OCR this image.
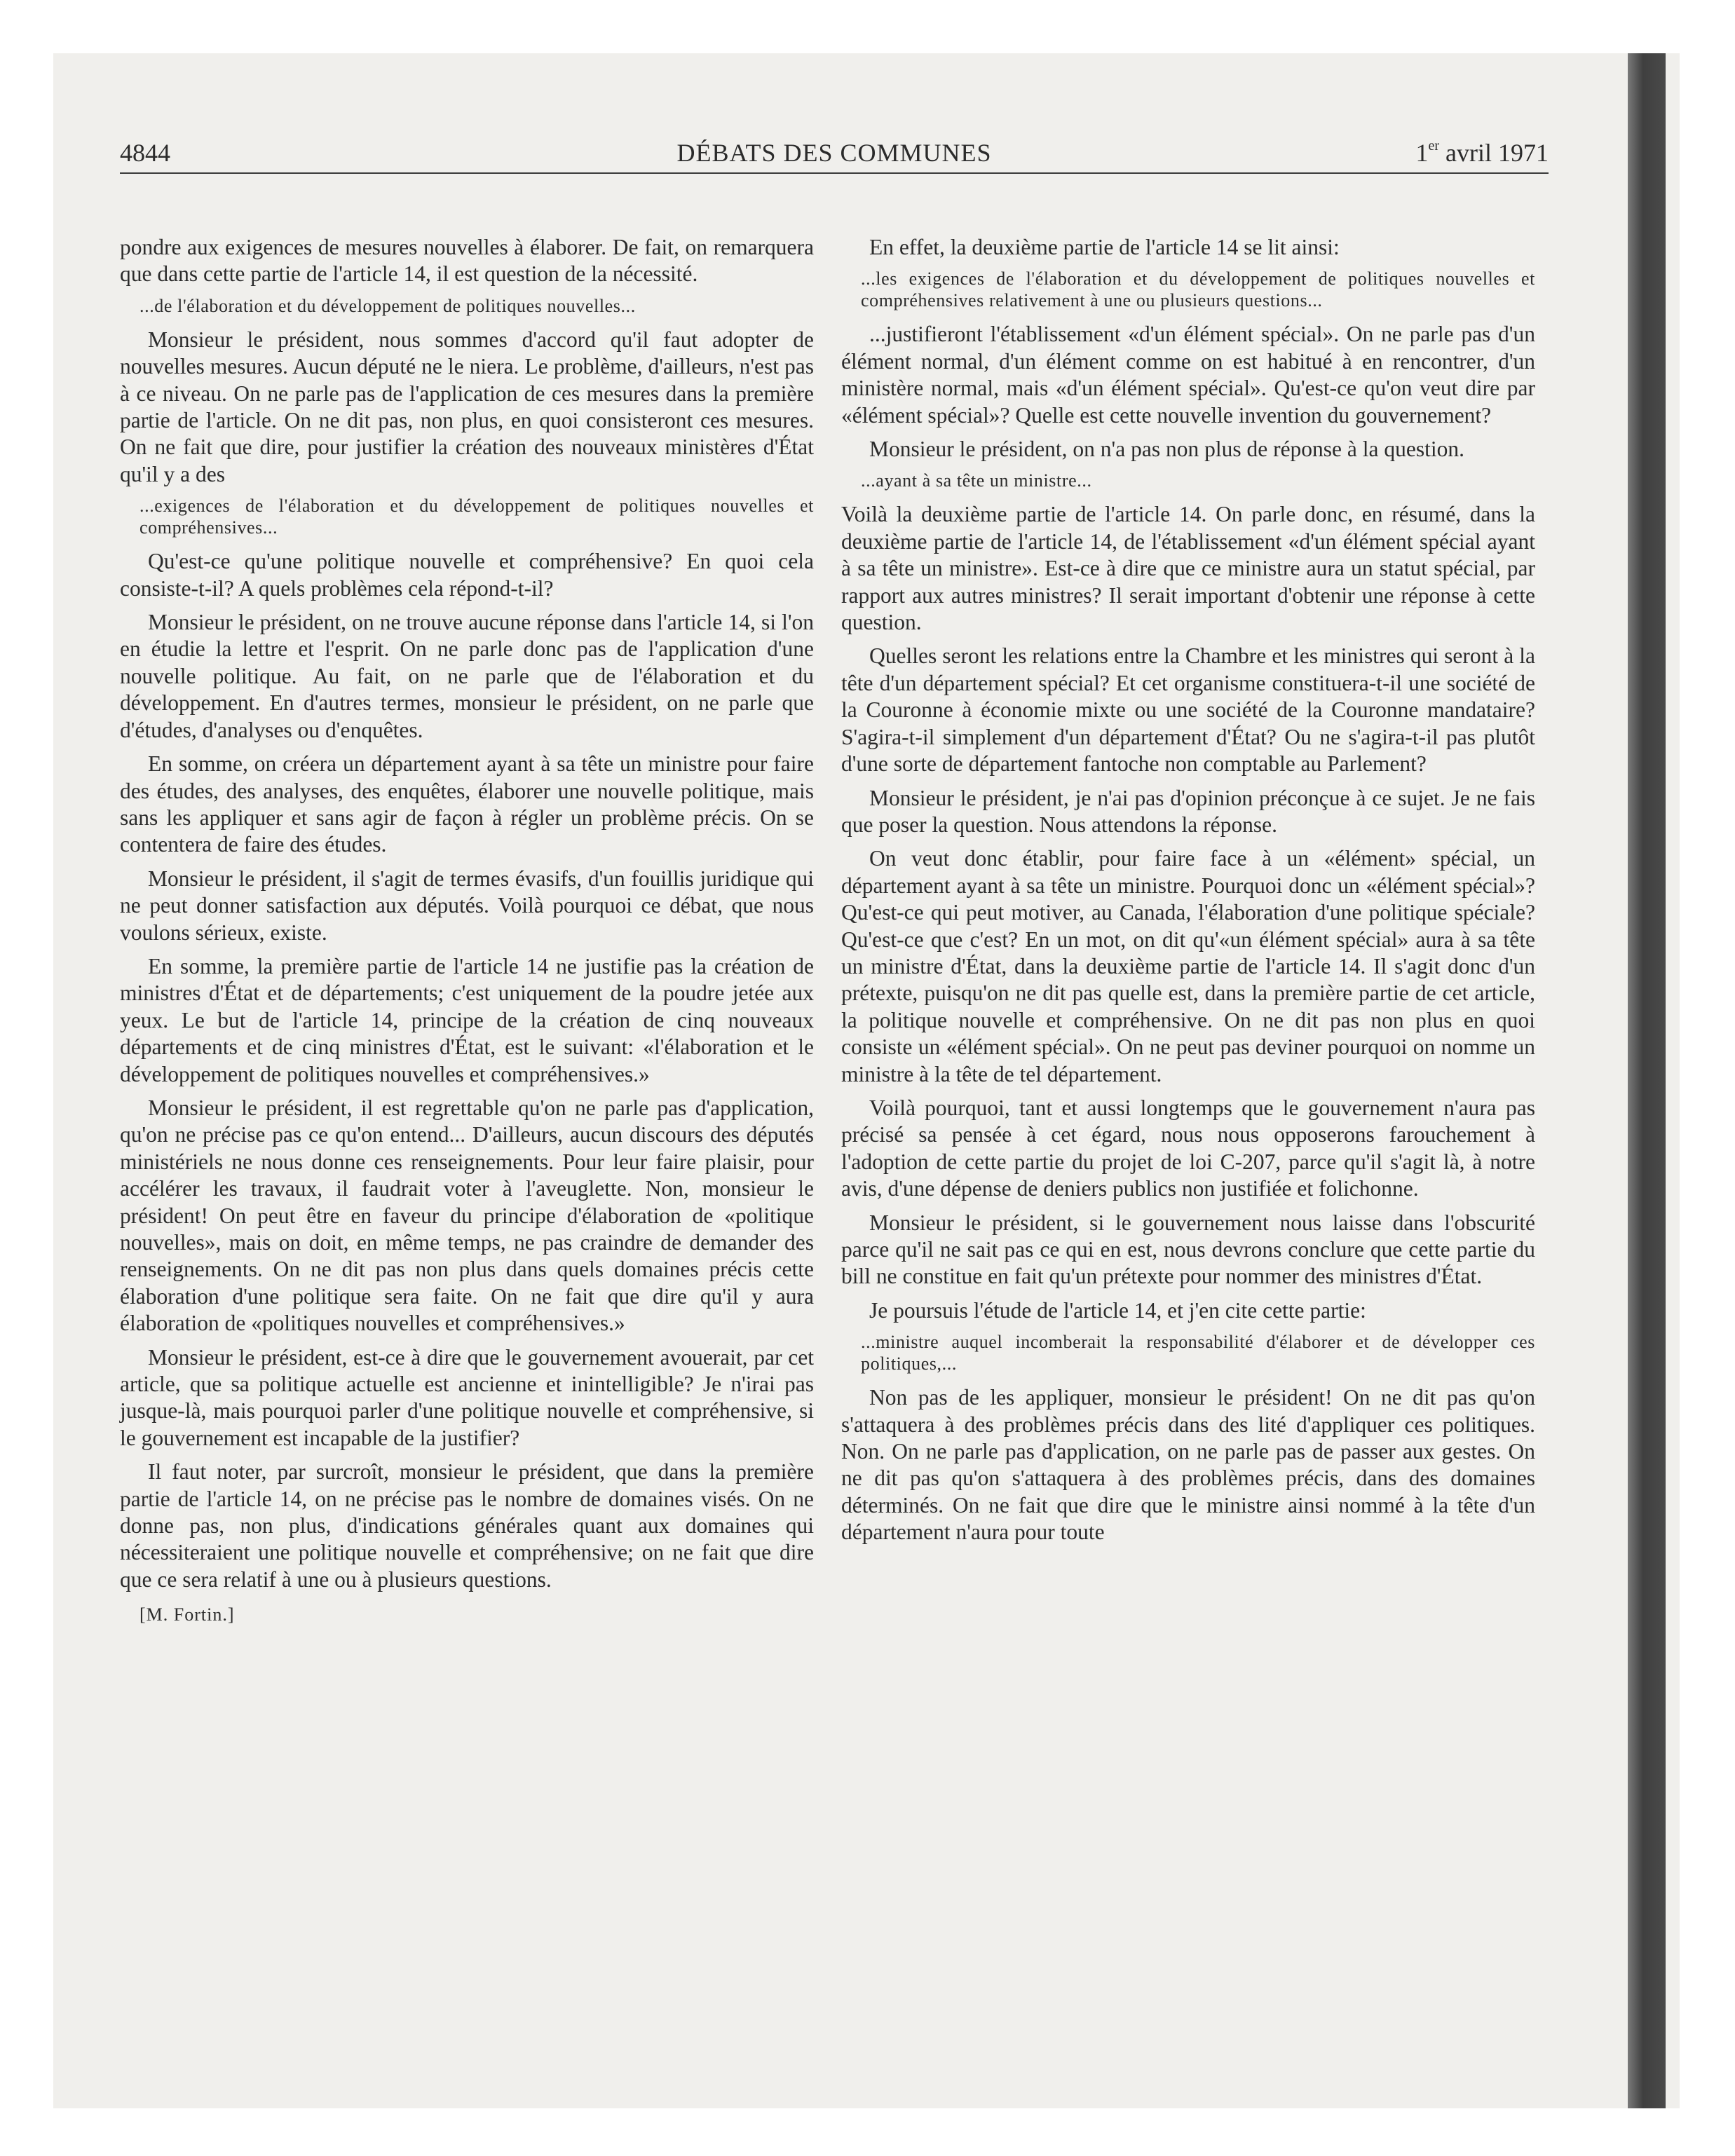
4844	DÉBATS DES COMMUNES	1er avril 1971

pondre aux exigences de mesures nouvelles à élaborer. De fait, on remarquera que dans cette partie de l'article 14, il est question de la nécessité.

...de l'élaboration et du développement de politiques nouvelles...

Monsieur le président, nous sommes d'accord qu'il faut adopter de nouvelles mesures. Aucun député ne le niera. Le problème, d'ailleurs, n'est pas à ce niveau. On ne parle pas de l'application de ces mesures dans la première partie de l'article. On ne dit pas, non plus, en quoi consisteront ces mesures. On ne fait que dire, pour justifier la création des nouveaux ministères d'État qu'il y a des

...exigences de l'élaboration et du développement de politiques nouvelles et compréhensives...

Qu'est-ce qu'une politique nouvelle et compréhensive? En quoi cela consiste-t-il? A quels problèmes cela répond-t-il?

Monsieur le président, on ne trouve aucune réponse dans l'article 14, si l'on en étudie la lettre et l'esprit. On ne parle donc pas de l'application d'une nouvelle politique. Au fait, on ne parle que de l'élaboration et du développement. En d'autres termes, monsieur le président, on ne parle que d'études, d'analyses ou d'enquêtes.

En somme, on créera un département ayant à sa tête un ministre pour faire des études, des analyses, des enquêtes, élaborer une nouvelle politique, mais sans les appliquer et sans agir de façon à régler un problème précis. On se contentera de faire des études.

Monsieur le président, il s'agit de termes évasifs, d'un fouillis juridique qui ne peut donner satisfaction aux députés. Voilà pourquoi ce débat, que nous voulons sérieux, existe.

En somme, la première partie de l'article 14 ne justifie pas la création de ministres d'État et de départements; c'est uniquement de la poudre jetée aux yeux. Le but de l'article 14, principe de la création de cinq nouveaux départements et de cinq ministres d'État, est le suivant: «l'élaboration et le développement de politiques nouvelles et compréhensives.»

Monsieur le président, il est regrettable qu'on ne parle pas d'application, qu'on ne précise pas ce qu'on entend... D'ailleurs, aucun discours des députés ministériels ne nous donne ces renseignements. Pour leur faire plaisir, pour accélérer les travaux, il faudrait voter à l'aveuglette. Non, monsieur le président! On peut être en faveur du principe d'élaboration de «politique nouvelles», mais on doit, en même temps, ne pas craindre de demander des renseignements. On ne dit pas non plus dans quels domaines précis cette élaboration d'une politique sera faite. On ne fait que dire qu'il y aura élaboration de «politiques nouvelles et compréhensives.»

Monsieur le président, est-ce à dire que le gouvernement avouerait, par cet article, que sa politique actuelle est ancienne et inintelligible? Je n'irai pas jusque-là, mais pourquoi parler d'une politique nouvelle et compréhensive, si le gouvernement est incapable de la justifier?

Il faut noter, par surcroît, monsieur le président, que dans la première partie de l'article 14, on ne précise pas le nombre de domaines visés. On ne donne pas, non plus, d'indications générales quant aux domaines qui nécessiteraient une politique nouvelle et compréhensive; on ne fait que dire que ce sera relatif à une ou à plusieurs questions.

[M. Fortin.]

En effet, la deuxième partie de l'article 14 se lit ainsi:

...les exigences de l'élaboration et du développement de politiques nouvelles et compréhensives relativement à une ou plusieurs questions...

...justifieront l'établissement «d'un élément spécial». On ne parle pas d'un élément normal, d'un élément comme on est habitué à en rencontrer, d'un ministère normal, mais «d'un élément spécial». Qu'est-ce qu'on veut dire par «élément spécial»? Quelle est cette nouvelle invention du gouvernement?

Monsieur le président, on n'a pas non plus de réponse à la question.

...ayant à sa tête un ministre...

Voilà la deuxième partie de l'article 14. On parle donc, en résumé, dans la deuxième partie de l'article 14, de l'établissement «d'un élément spécial ayant à sa tête un ministre». Est-ce à dire que ce ministre aura un statut spécial, par rapport aux autres ministres? Il serait important d'obtenir une réponse à cette question.

Quelles seront les relations entre la Chambre et les ministres qui seront à la tête d'un département spécial? Et cet organisme constituera-t-il une société de la Couronne à économie mixte ou une société de la Couronne mandataire? S'agira-t-il simplement d'un département d'État? Ou ne s'agira-t-il pas plutôt d'une sorte de département fantoche non comptable au Parlement?

Monsieur le président, je n'ai pas d'opinion préconçue à ce sujet. Je ne fais que poser la question. Nous attendons la réponse.

On veut donc établir, pour faire face à un «élément» spécial, un département ayant à sa tête un ministre. Pourquoi donc un «élément spécial»? Qu'est-ce qui peut motiver, au Canada, l'élaboration d'une politique spéciale? Qu'est-ce que c'est? En un mot, on dit qu'«un élément spécial» aura à sa tête un ministre d'État, dans la deuxième partie de l'article 14. Il s'agit donc d'un prétexte, puisqu'on ne dit pas quelle est, dans la première partie de cet article, la politique nouvelle et compréhensive. On ne dit pas non plus en quoi consiste un «élément spécial». On ne peut pas deviner pourquoi on nomme un ministre à la tête de tel département.

Voilà pourquoi, tant et aussi longtemps que le gouvernement n'aura pas précisé sa pensée à cet égard, nous nous opposerons farouchement à l'adoption de cette partie du projet de loi C-207, parce qu'il s'agit là, à notre avis, d'une dépense de deniers publics non justifiée et folichonne.

Monsieur le président, si le gouvernement nous laisse dans l'obscurité parce qu'il ne sait pas ce qui en est, nous devrons conclure que cette partie du bill ne constitue en fait qu'un prétexte pour nommer des ministres d'État.

Je poursuis l'étude de l'article 14, et j'en cite cette partie:

...ministre auquel incomberait la responsabilité d'élaborer et de développer ces politiques,...

Non pas de les appliquer, monsieur le président! On ne dit pas qu'on s'attaquera à des problèmes précis dans des lité d'appliquer ces politiques. Non. On ne parle pas d'application, on ne parle pas de passer aux gestes. On ne dit pas qu'on s'attaquera à des problèmes précis, dans des domaines déterminés. On ne fait que dire que le ministre ainsi nommé à la tête d'un département n'aura pour toute
